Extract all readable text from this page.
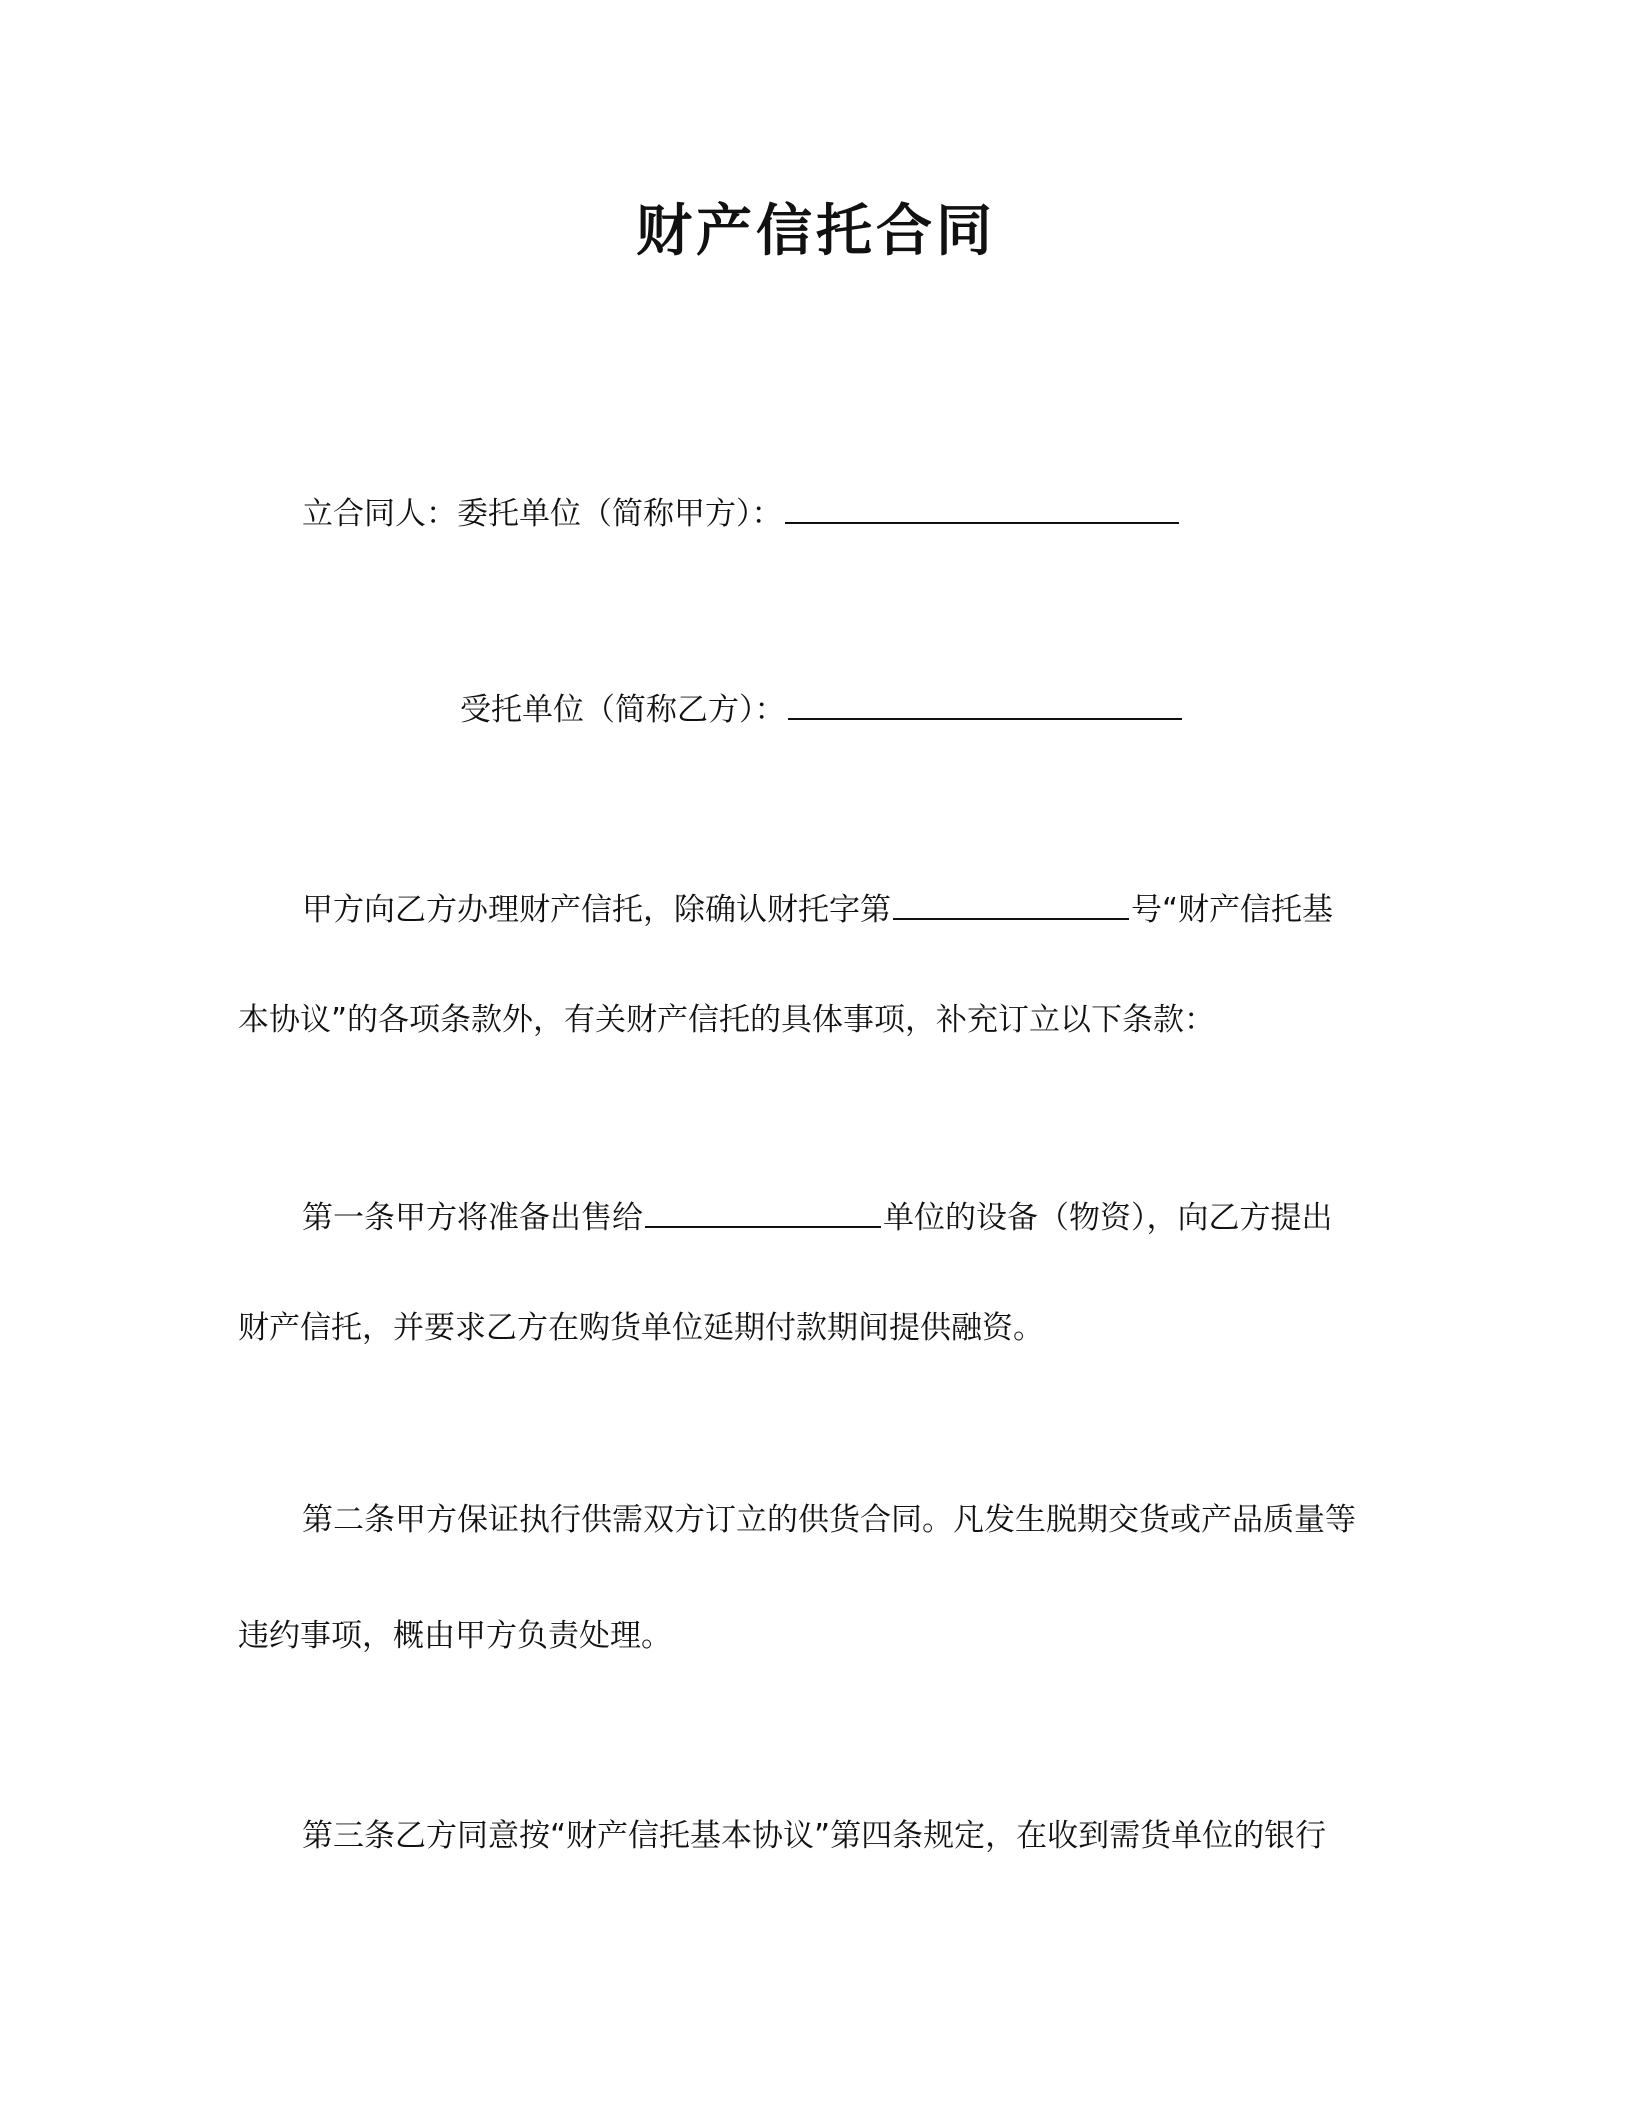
财产信托合同
立合同人：委托单位（简称甲方）：
受托单位（简称乙方）：
甲方向乙方办理财产信托，除确认财托字第	号“财产信托基
本协议”的各项条款外，有关财产信托的具体事项，补充订立以下条款：
第一条甲方将准备出售给	单位的设备（物资），向乙方提出
财产信托，并要求乙方在购货单位延期付款期间提供融资。
第二条甲方保证执行供需双方订立的供货合同。凡发生脱期交货或产品质量等
违约事项，概由甲方负责处理。
第三条乙方同意按“财产信托基本协议”第四条规定，在收到需货单位的银行
